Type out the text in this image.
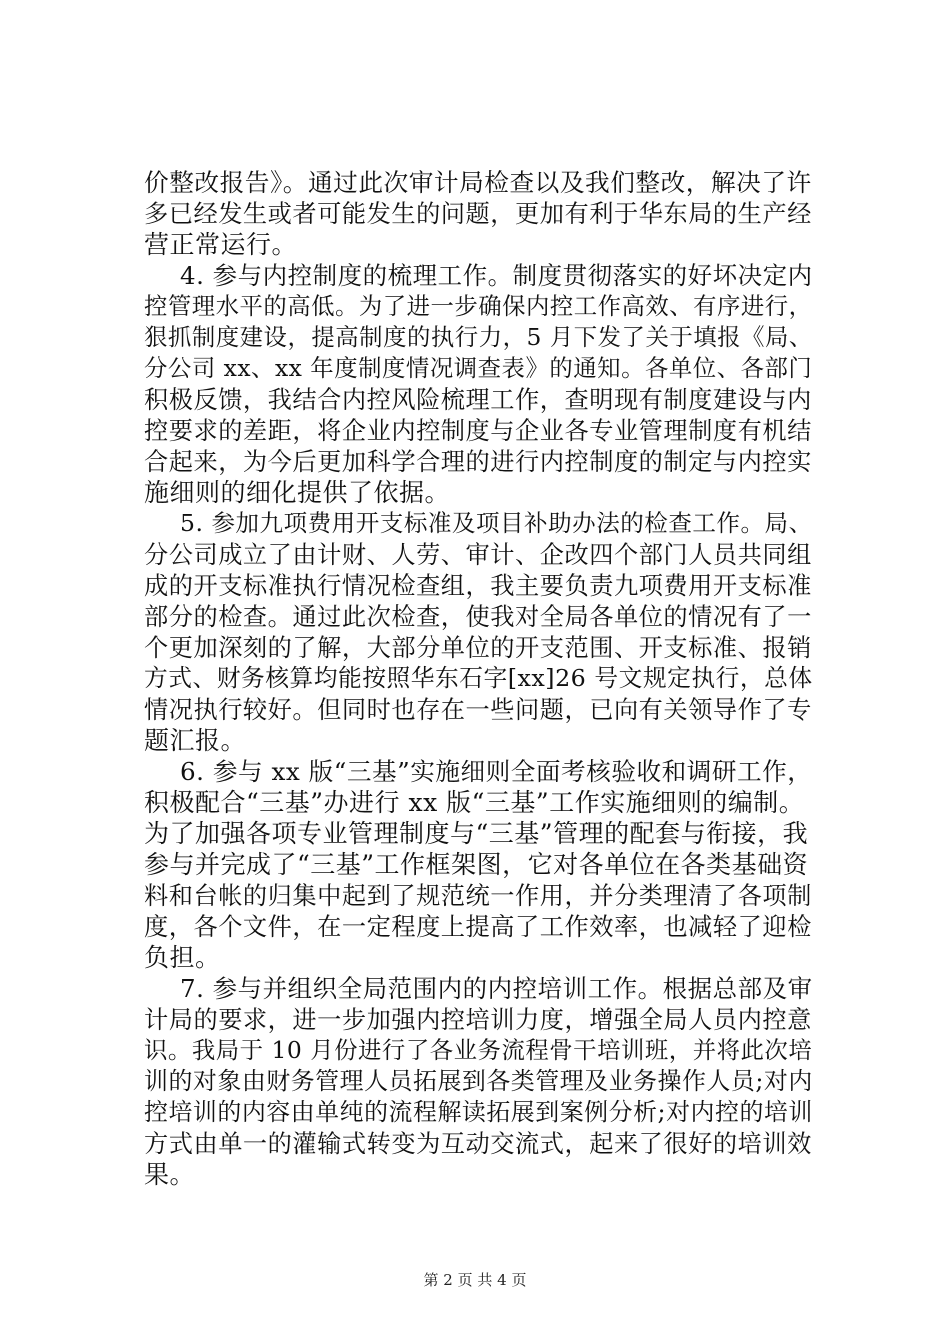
价整改报告》。通过此次审计局检查以及我们整改，解决了许
多已经发生或者可能发生的问题，更加有利于华东局的生产经
营正常运行。
4. 参与内控制度的梳理工作。制度贯彻落实的好坏决定内
控管理水平的高低。为了进一步确保内控工作高效、有序进行，
狠抓制度建设，提高制度的执行力，5 月下发了关于填报《局、
分公司 xx、xx 年度制度情况调查表》的通知。各单位、各部门
积极反馈，我结合内控风险梳理工作，查明现有制度建设与内
控要求的差距，将企业内控制度与企业各专业管理制度有机结
合起来，为今后更加科学合理的进行内控制度的制定与内控实
施细则的细化提供了依据。
5. 参加九项费用开支标准及项目补助办法的检查工作。局、
分公司成立了由计财、人劳、审计、企改四个部门人员共同组
成的开支标准执行情况检查组，我主要负责九项费用开支标准
部分的检查。通过此次检查，使我对全局各单位的情况有了一
个更加深刻的了解，大部分单位的开支范围、开支标准、报销
方式、财务核算均能按照华东石字[xx]26 号文规定执行，总体
情况执行较好。但同时也存在一些问题，已向有关领导作了专
题汇报。
6. 参与 xx 版“三基”实施细则全面考核验收和调研工作，
积极配合“三基”办进行 xx 版“三基”工作实施细则的编制。
为了加强各项专业管理制度与“三基”管理的配套与衔接，我
参与并完成了“三基”工作框架图，它对各单位在各类基础资
料和台帐的归集中起到了规范统一作用，并分类理清了各项制
度，各个文件，在一定程度上提高了工作效率，也减轻了迎检
负担。
7. 参与并组织全局范围内的内控培训工作。根据总部及审
计局的要求，进一步加强内控培训力度，增强全局人员内控意
识。我局于 10 月份进行了各业务流程骨干培训班，并将此次培
训的对象由财务管理人员拓展到各类管理及业务操作人员;对内
控培训的内容由单纯的流程解读拓展到案例分析;对内控的培训
方式由单一的灌输式转变为互动交流式，起来了很好的培训效
果。
第 2 页 共 4 页
